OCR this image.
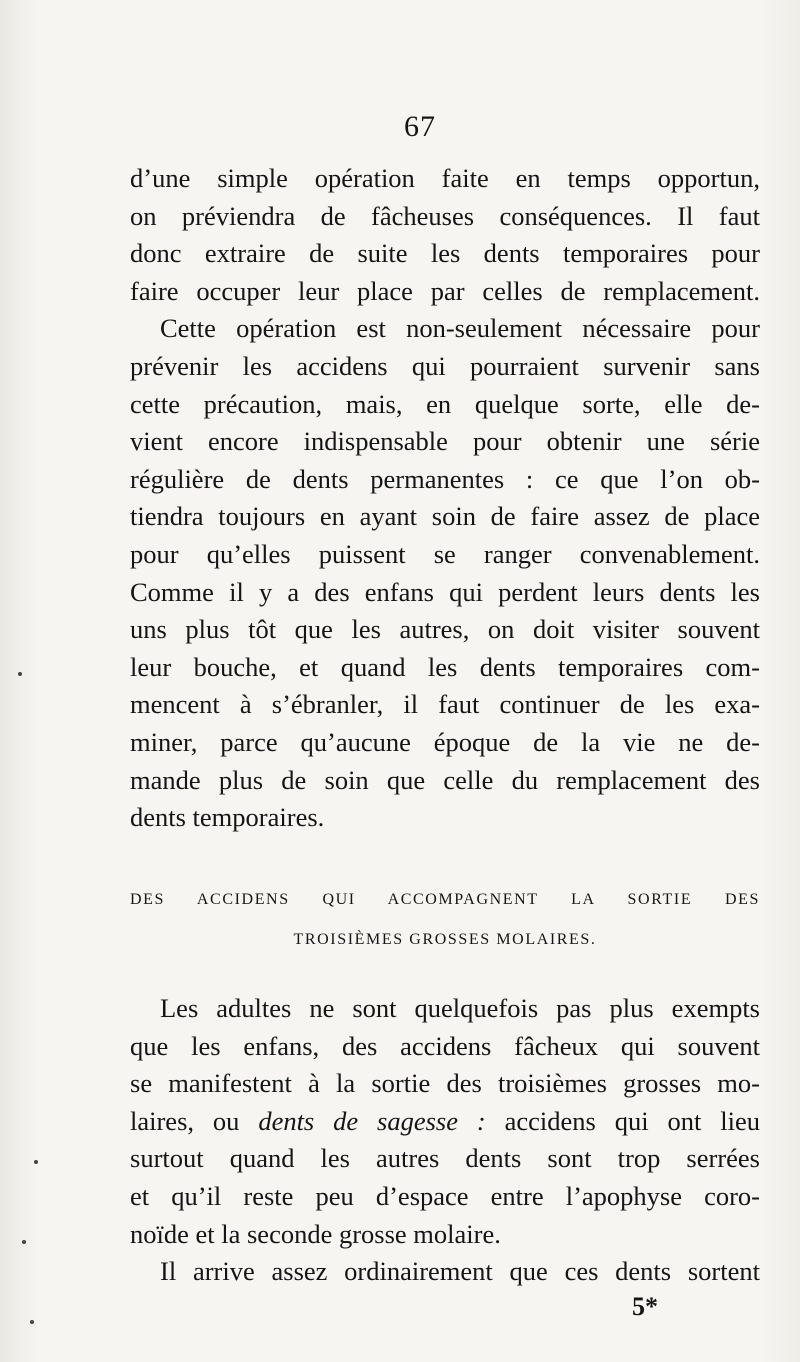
67
d’une simple opération faite en temps opportun,
on préviendra de fâcheuses conséquences. Il faut
donc extraire de suite les dents temporaires pour
faire occuper leur place par celles de remplacement.
Cette opération est non-seulement nécessaire pour
prévenir les accidens qui pourraient survenir sans
cette précaution, mais, en quelque sorte, elle de-
vient encore indispensable pour obtenir une série
régulière de dents permanentes : ce que l’on ob-
tiendra toujours en ayant soin de faire assez de place
pour qu’elles puissent se ranger convenablement.
Comme il y a des enfans qui perdent leurs dents les
uns plus tôt que les autres, on doit visiter souvent
leur bouche, et quand les dents temporaires com-
mencent à s’ébranler, il faut continuer de les exa-
miner, parce qu’aucune époque de la vie ne de-
mande plus de soin que celle du remplacement des
dents temporaires.
DES ACCIDENS QUI ACCOMPAGNENT LA SORTIE DES
TROISIÈMES GROSSES MOLAIRES.
Les adultes ne sont quelquefois pas plus exempts
que les enfans, des accidens fâcheux qui souvent
se manifestent à la sortie des troisièmes grosses mo-
laires, ou dents de sagesse : accidens qui ont lieu
surtout quand les autres dents sont trop serrées
et qu’il reste peu d’espace entre l’apophyse coro-
noïde et la seconde grosse molaire.
Il arrive assez ordinairement que ces dents sortent
5*
